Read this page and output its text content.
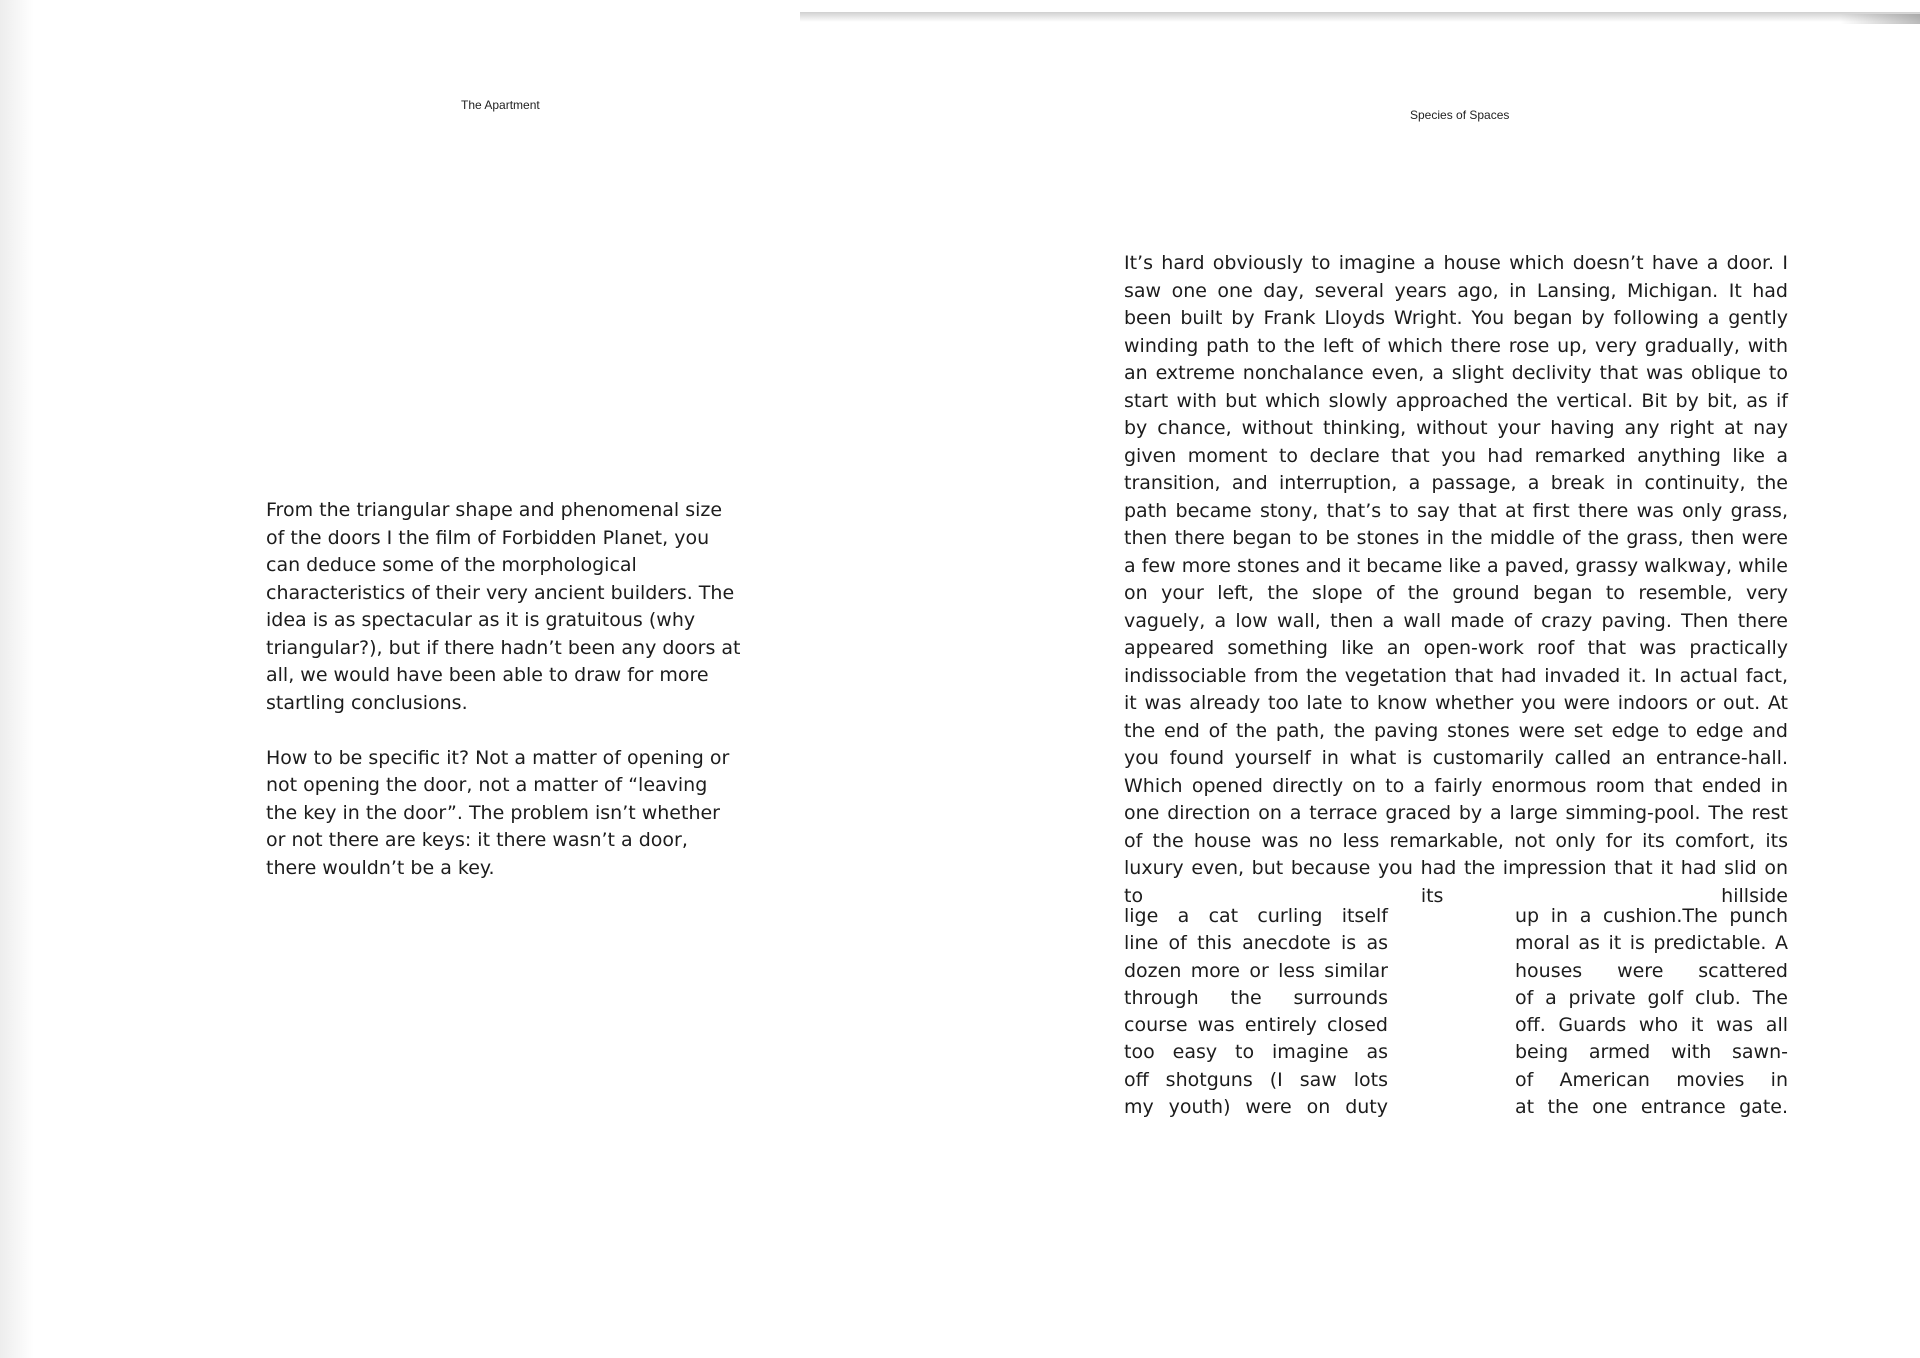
The Apartment
Species of Spaces

From the triangular shape and phenomenal size of the doors I the film of Forbidden Planet, you can deduce some of the morphological characteristics of their very ancient builders. The idea is as spectacular as it is gratuitous (why triangular?), but if there hadn’t been any doors at all, we would have been able to draw for more startling conclusions.

How to be specific it? Not a matter of opening or not opening the door, not a matter of “leaving the key in the door”. The problem isn’t whether or not there are keys: it there wasn’t a door, there wouldn’t be a key.

It’s hard obviously to imagine a house which doesn’t have a door. I saw one one day, several years ago, in Lansing, Michigan. It had been built by Frank Lloyds Wright. You began by following a gently winding path to the left of which there rose up, very gradually, with an extreme nonchalance even, a slight declivity that was oblique to start with but which slowly approached the vertical. Bit by bit, as if by chance, without thinking, without your having any right at nay given moment to declare that you had remarked anything like a transition, and interruption, a passage, a break in continuity, the path became stony, that’s to say that at first there was only grass, then there began to be stones in the middle of the grass, then were a few more stones and it became like a paved, grassy walkway, while on your left, the slope of the ground began to resemble, very vaguely, a low wall, then a wall made of crazy paving. Then there appeared something like an open-work roof that was practically indissociable from the vegetation that had invaded it. In actual fact, it was already too late to know whether you were indoors or out. At the end of the path, the paving stones were set edge to edge and you found yourself in what is customarily called an entrance-hall. Which opened directly on to a fairly enormous room that ended in one direction on a terrace graced by a large simming-pool. The rest of the house was no less remarkable, not only for its comfort, its luxury even, but because you had the impression that it had slid on to its hillside

lige a cat curling itself
line of this anecdote is as
dozen more or less similar
through the surrounds
course was entirely closed
too easy to imagine as
off shotguns (I saw lots
my youth) were on duty
up in a cushion.The punch
moral as it is predictable. A
houses were scattered
of a private golf club. The
off. Guards who it was all
being armed with sawn-
of American movies in
at the one entrance gate.
